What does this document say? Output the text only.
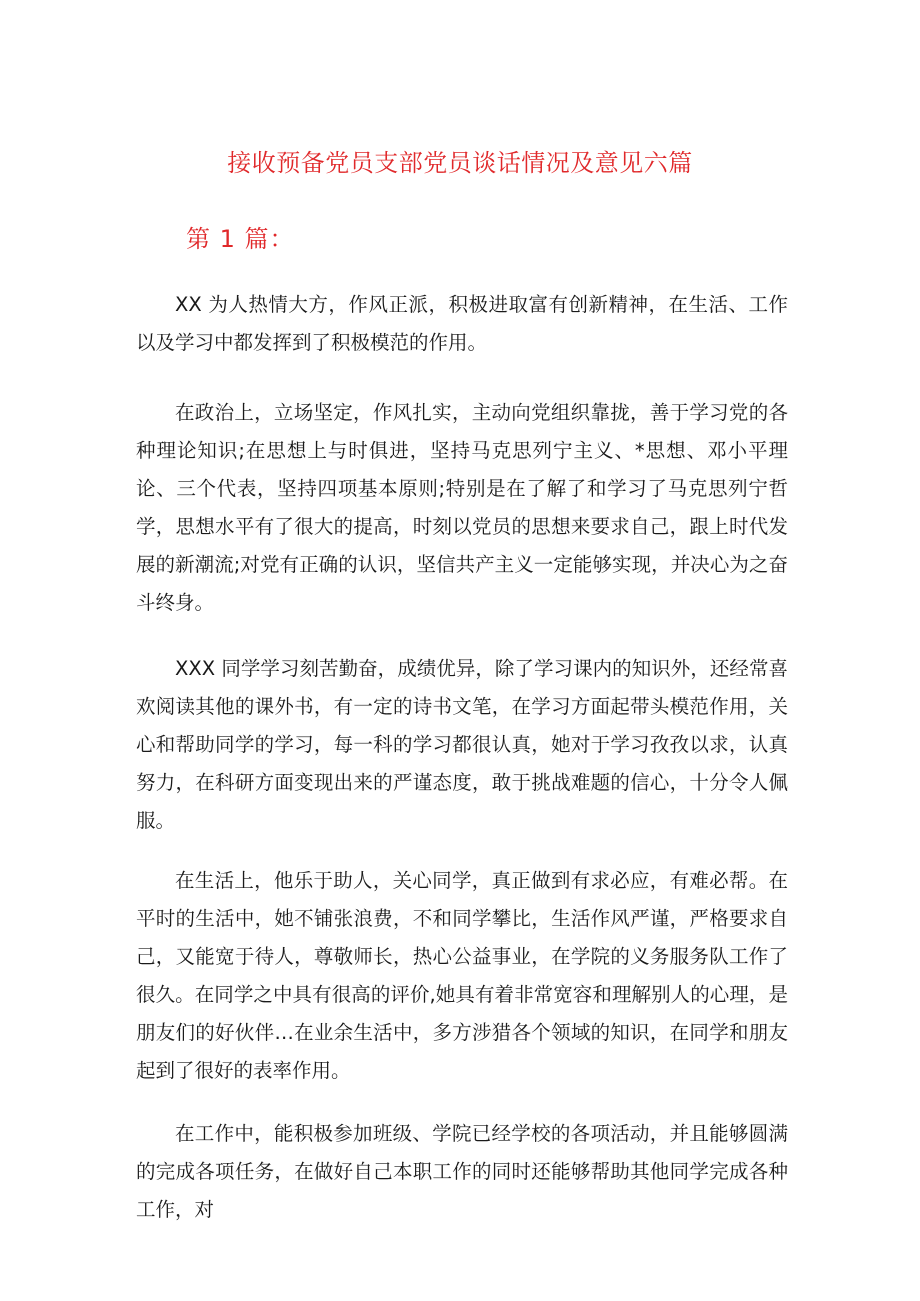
接收预备党员支部党员谈话情况及意见六篇
第 1 篇：

XX 为人热情大方，作风正派，积极进取富有创新精神，在生活、工作以及学习中都发挥到了积极模范的作用。

在政治上，立场坚定，作风扎实，主动向党组织靠拢，善于学习党的各种理论知识;在思想上与时俱进，坚持马克思列宁主义、*思想、邓小平理论、三个代表，坚持四项基本原则;特别是在了解了和学习了马克思列宁哲学，思想水平有了很大的提高，时刻以党员的思想来要求自己，跟上时代发展的新潮流;对党有正确的认识，坚信共产主义一定能够实现，并决心为之奋斗终身。

XXX 同学学习刻苦勤奋，成绩优异，除了学习课内的知识外，还经常喜欢阅读其他的课外书，有一定的诗书文笔，在学习方面起带头模范作用，关心和帮助同学的学习，每一科的学习都很认真，她对于学习孜孜以求，认真努力，在科研方面变现出来的严谨态度，敢于挑战难题的信心，十分令人佩服。

在生活上，他乐于助人，关心同学，真正做到有求必应，有难必帮。在平时的生活中，她不铺张浪费，不和同学攀比，生活作风严谨，严格要求自己，又能宽于待人，尊敬师长，热心公益事业，在学院的义务服务队工作了很久。在同学之中具有很高的评价,她具有着非常宽容和理解别人的心理，是朋友们的好伙伴…在业余生活中，多方涉猎各个领域的知识，在同学和朋友起到了很好的表率作用。

在工作中，能积极参加班级、学院已经学校的各项活动，并且能够圆满的完成各项任务，在做好自己本职工作的同时还能够帮助其他同学完成各种工作，对
